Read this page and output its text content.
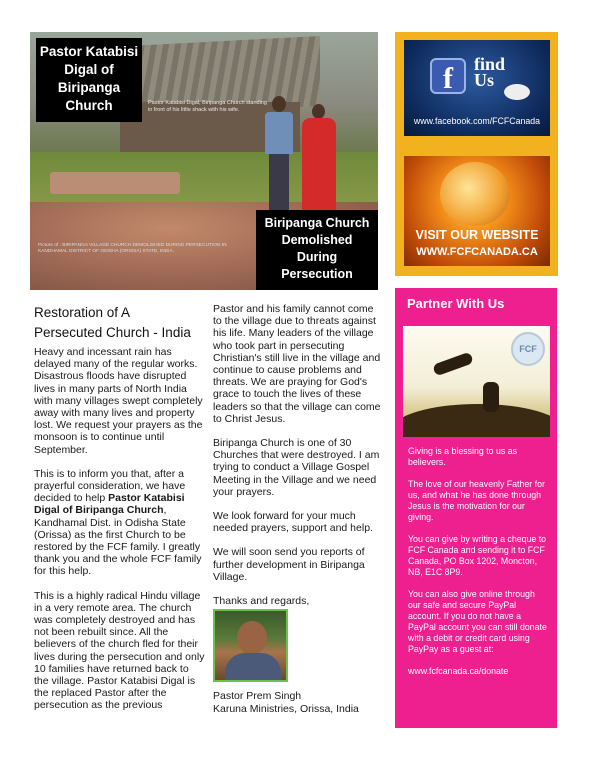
Pastor Katabisi
Digal of
Biripanga
Church
Biripanga Church
Demolished
During
Persecution
Pastor Katabisi Digal, Biripanga Church standing in front of his little shack with his wife.
Picture of : BIRIPANGA VILLAGE CHURCH DEMOLISHED DURING PERSECUTION IN KANDHAMAL DISTRICT OF ODISHA (ORISSA) STATE, INDIA.
f	find
Us
www.facebook.com/FCFCanada
VISIT OUR WEBSITE
WWW.FCFCANADA.CA
Partner With Us
FCF

Giving is a blessing to us as believers.

The love of our heavenly Father for us, and what he has done through Jesus is the motivation for our giving.

You can give by writing a cheque to FCF Canada and sending it to FCF Canada, PO Box 1202, Moncton, NB, E1C 8P9.

You can also give online through our safe and secure PayPal account. If you do not have a PayPal account you can still donate with a debit or credit card using PayPay as a guest at:

www.fcfcanada.ca/donate

Restoration of A
Persecuted Church - India

Heavy and incessant rain has delayed many of the regular works. Disastrous floods have disrupted lives in many parts of North India with many villages swept completely away with many lives and property lost. We request your prayers as the monsoon is to continue until September.

This is to inform you that, after a prayerful consideration, we have decided to help Pastor Katabisi Digal of Biripanga Church, Kandhamal Dist. in Odisha State (Orissa) as the first Church to be restored by the FCF family. I greatly thank you and the whole FCF family for this help.

This is a highly radical Hindu village in a very remote area. The church was completely destroyed and has not been rebuilt since. All the believers of the church fled for their lives during the persecution and only 10 families have returned back to the village. Pastor Katabisi Digal is the replaced Pastor after the persecution as the previous

Pastor and his family cannot come to the village due to threats against his life. Many leaders of the village who took part in persecuting Christian's still live in the village and continue to cause problems and threats. We are praying for God's grace to touch the lives of these leaders so that the village can come to Christ Jesus.

Biripanga Church is one of 30 Churches that were destroyed. I am trying to conduct a Village Gospel Meeting in the Village and we need your prayers.

We look forward for your much needed prayers, support and help.

We will soon send you reports of further development in Biripanga Village.

Thanks and regards,

Pastor Prem Singh
Karuna Ministries, Orissa, India
